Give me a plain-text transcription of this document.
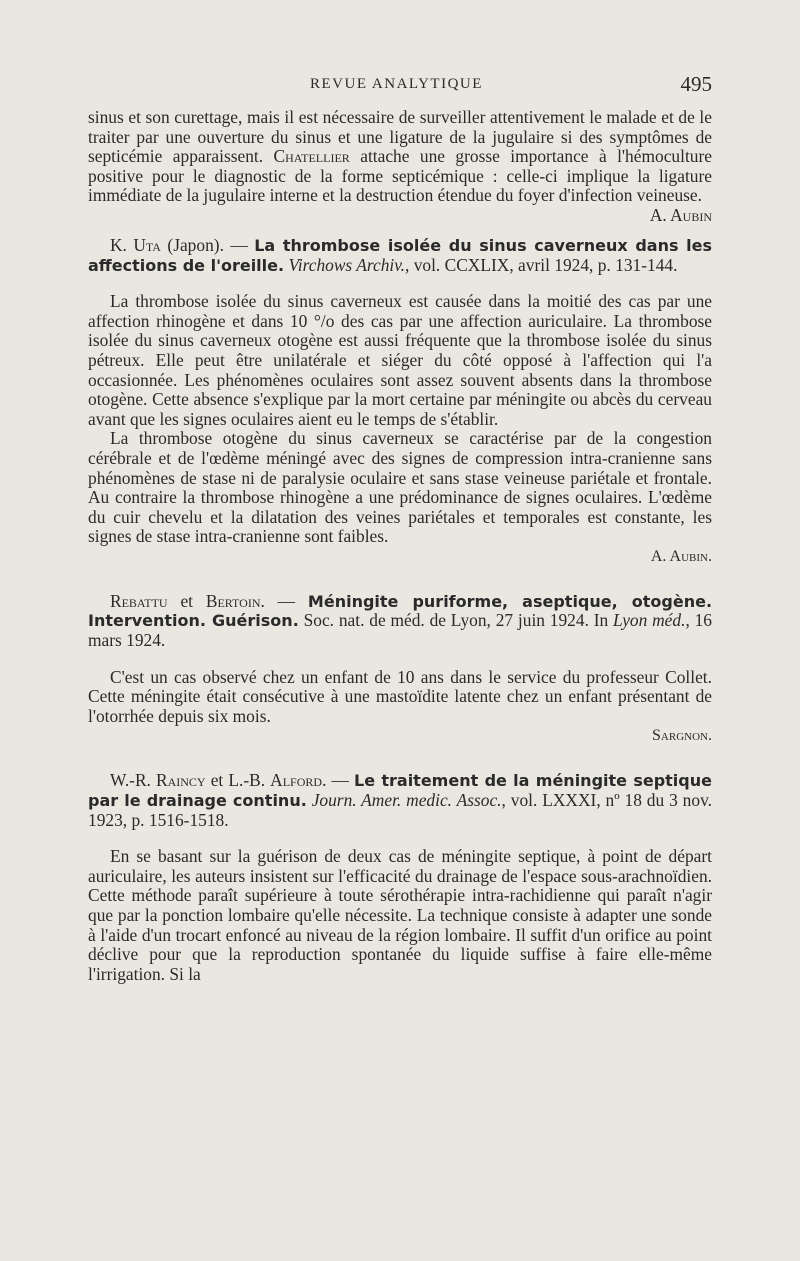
REVUE ANALYTIQUE	495

sinus et son curettage, mais il est nécessaire de surveiller attentivement le malade et de le traiter par une ouverture du sinus et une ligature de la jugulaire si des symptômes de septicémie apparaissent. Chatellier attache une grosse importance à l'hémoculture positive pour le diagnostic de la forme septicémique : celle-ci implique la ligature immédiate de la jugulaire interne et la destruction étendue du foyer d'infection veineuse.
A. Aubin

K. Uta (Japon). — La thrombose isolée du sinus caverneux dans les affections de l'oreille. Virchows Archiv., vol. CCXLIX, avril 1924, p. 131-144.

La thrombose isolée du sinus caverneux est causée dans la moitié des cas par une affection rhinogène et dans 10 °/o des cas par une affection auriculaire. La thrombose isolée du sinus caverneux otogène est aussi fréquente que la thrombose isolée du sinus pétreux. Elle peut être unilatérale et siéger du côté opposé à l'affection qui l'a occasionnée. Les phénomènes oculaires sont assez souvent absents dans la thrombose otogène. Cette absence s'explique par la mort certaine par méningite ou abcès du cerveau avant que les signes oculaires aient eu le temps de s'établir.

La thrombose otogène du sinus caverneux se caractérise par de la congestion cérébrale et de l'œdème méningé avec des signes de compression intra-cranienne sans phénomènes de stase ni de paralysie oculaire et sans stase veineuse pariétale et frontale. Au contraire la thrombose rhinogène a une prédominance de signes oculaires. L'œdème du cuir chevelu et la dilatation des veines pariétales et temporales est constante, les signes de stase intra-cranienne sont faibles.

A. Aubin.

Rebattu et Bertoin. — Méningite puriforme, aseptique, otogène. Intervention. Guérison. Soc. nat. de méd. de Lyon, 27 juin 1924. In Lyon méd., 16 mars 1924.

C'est un cas observé chez un enfant de 10 ans dans le service du professeur Collet. Cette méningite était consécutive à une mastoïdite latente chez un enfant présentant de l'otorrhée depuis six mois.

Sargnon.

W.-R. Raincy et L.-B. Alford. — Le traitement de la méningite septique par le drainage continu. Journ. Amer. medic. Assoc., vol. LXXXI, nº 18 du 3 nov. 1923, p. 1516-1518.

En se basant sur la guérison de deux cas de méningite septique, à point de départ auriculaire, les auteurs insistent sur l'efficacité du drainage de l'espace sous-arachnoïdien. Cette méthode paraît supérieure à toute sérothérapie intra-rachidienne qui paraît n'agir que par la ponction lombaire qu'elle nécessite. La technique consiste à adapter une sonde à l'aide d'un trocart enfoncé au niveau de la région lombaire. Il suffit d'un orifice au point déclive pour que la reproduction spontanée du liquide suffise à faire elle-même l'irrigation. Si la
